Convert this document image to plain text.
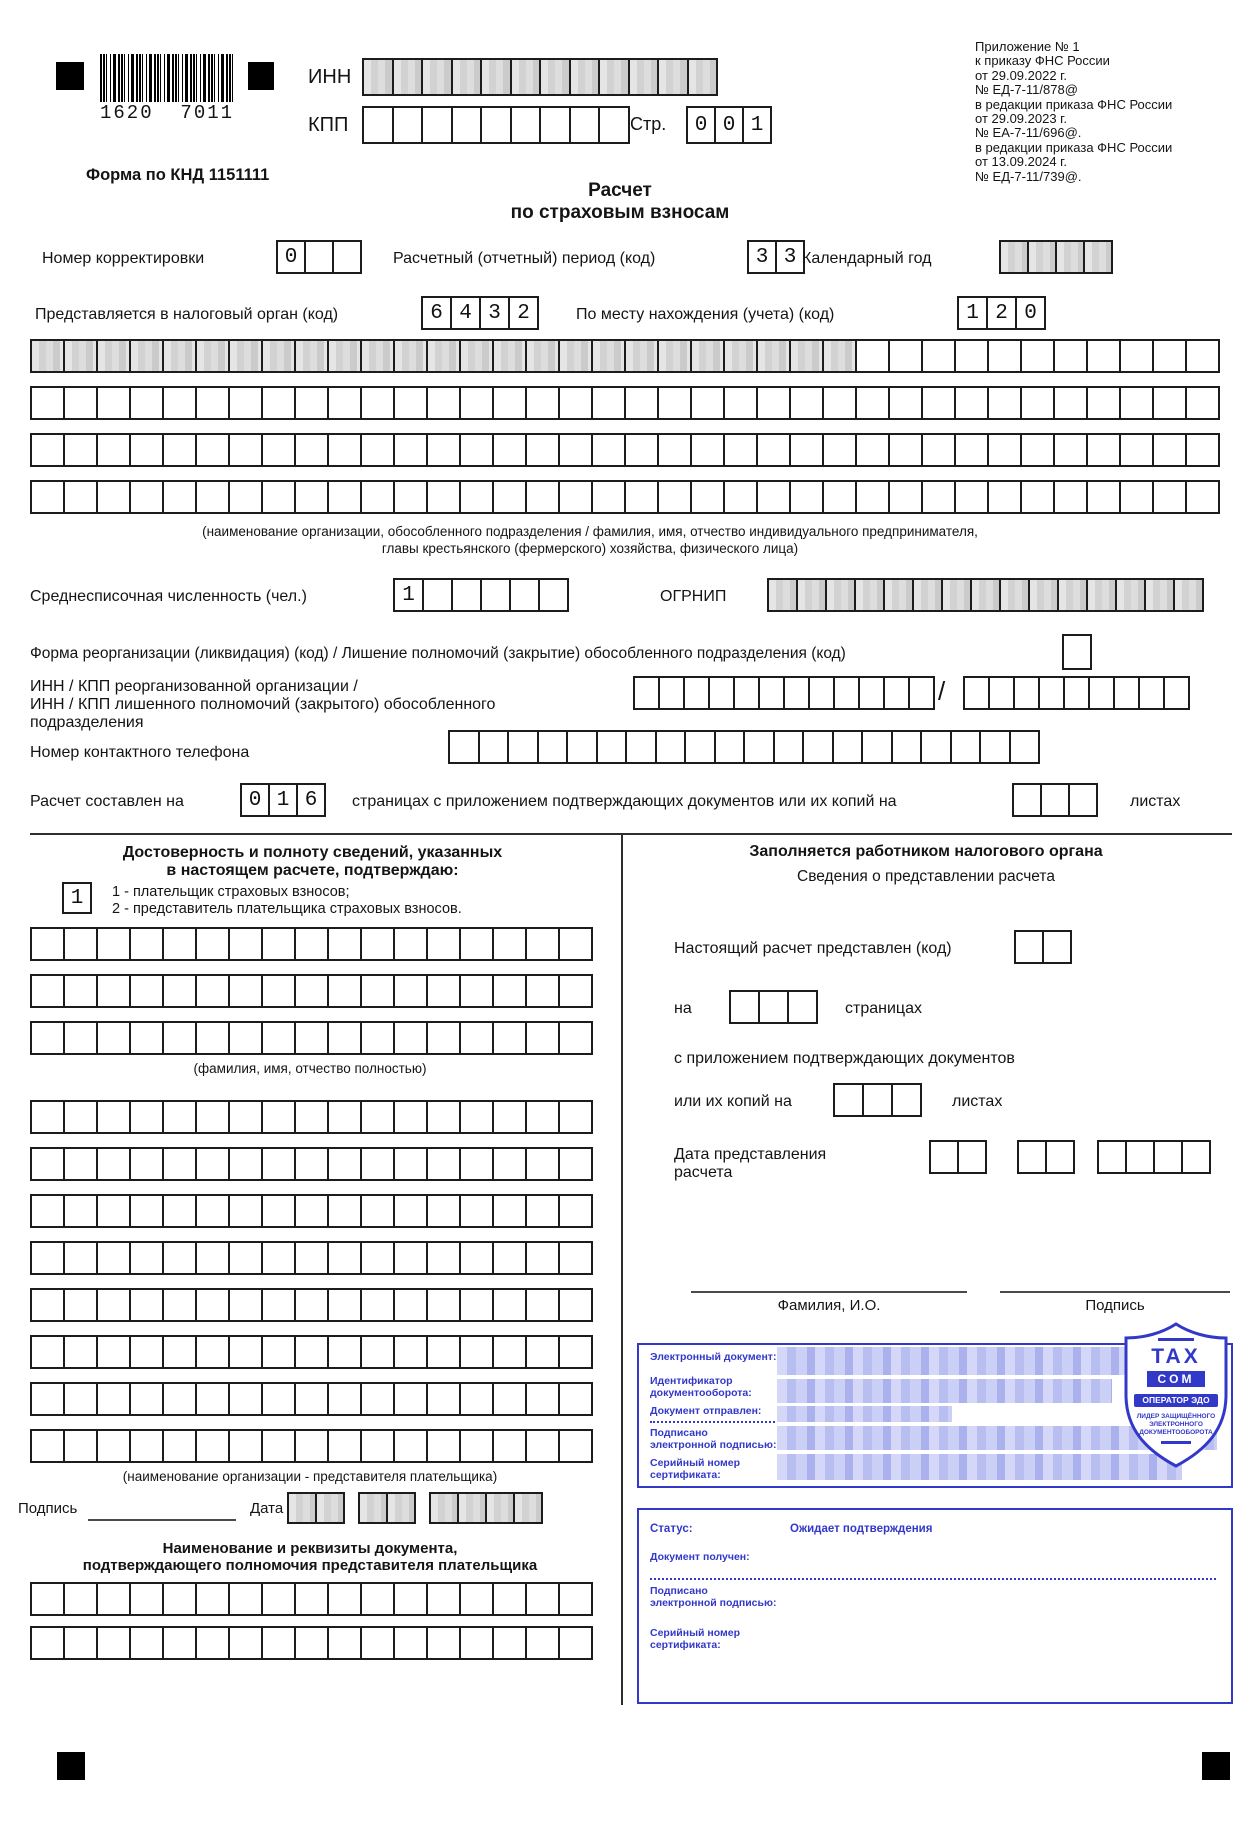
1620  7011
Форма по КНД 1151111
ИНН
КПП	Стр.	0 0 1
Приложение № 1
к приказу ФНС России
от 29.09.2022 г.
№ ЕД-7-11/878@
в редакции приказа ФНС России
от 29.09.2023 г.
№ ЕА-7-11/696@.
в редакции приказа ФНС России
от 13.09.2024 г.
№ ЕД-7-11/739@.
Расчет
по страховым взносам
Номер корректировки	0	Расчетный (отчетный) период (код)	3 3 Календарный год
Представляется в налоговый орган (код)	6 4 3 2	По месту нахождения (учета) (код)	1 2 0
(наименование организации, обособленного подразделения / фамилия, имя, отчество индивидуального предпринимателя,
главы крестьянского (фермерского) хозяйства, физического лица)
Среднесписочная численность (чел.)	1	ОГРНИП
Форма реорганизации (ликвидация) (код) / Лишение полномочий (закрытие) обособленного подразделения (код)
ИНН / КПП реорганизованной организации /
ИНН / КПП лишенного полномочий (закрытого) обособленного
подразделения
/
Номер контактного телефона
Расчет составлен на	0 1 6	страницах с приложением подтверждающих документов или их копий на	листах
Достоверность и полноту сведений, указанных
в настоящем расчете, подтверждаю:
1	1 - плательщик страховых взносов;
2 - представитель плательщика страховых взносов.
(фамилия, имя, отчество полностью)
(наименование организации - представителя плательщика)
Подпись	Дата
Наименование и реквизиты документа,
подтверждающего полномочия представителя плательщика
Заполняется работником налогового органа
Сведения о представлении расчета
Настоящий расчет представлен (код)
на	страницах
с приложением подтверждающих документов
или их копий на	листах
Дата представления
расчета
Фамилия, И.О.	Подпись
Электронный документ:
Идентификатор
документооборота:
Документ отправлен:
Подписано
электронной подписью:
Серийный номер
сертификата:
TAX
COM
ОПЕРАТОР ЭДО
ЛИДЕР ЗАЩИЩЁННОГО
ЭЛЕКТРОННОГО
ДОКУМЕНТООБОРОТА
Статус:	Ожидает подтверждения
Документ получен:
Подписано
электронной подписью:
Серийный номер
сертификата:
